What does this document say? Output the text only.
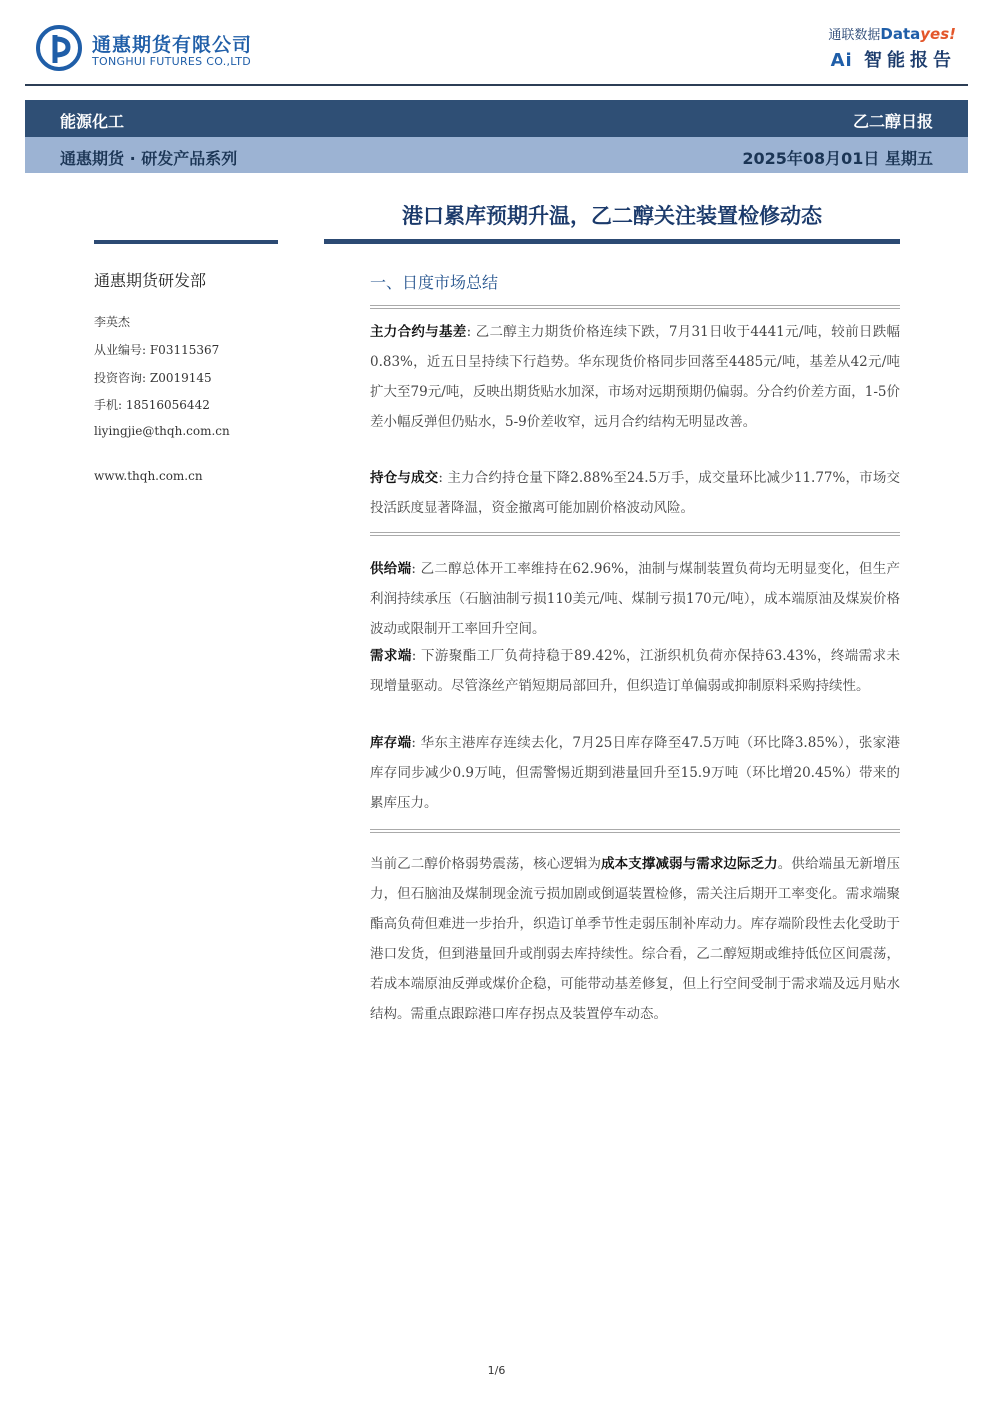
通惠期货有限公司
TONGHUI FUTURES CO.,LTD
通联数据Datayes!
Ai 智能报告
能源化工	乙二醇日报
通惠期货 · 研发产品系列	2025年08月01日 星期五
港口累库预期升温，乙二醇关注装置检修动态
通惠期货研发部
李英杰
从业编号: F03115367
投资咨询: Z0019145
手机: 18516056442
liyingjie@thqh.com.cn
www.thqh.com.cn
一、日度市场总结
主力合约与基差: 乙二醇主力期货价格连续下跌，7月31日收于4441元/吨，较前日跌幅0.83%，近五日呈持续下行趋势。华东现货价格同步回落至4485元/吨，基差从42元/吨扩大至79元/吨，反映出期货贴水加深，市场对远期预期仍偏弱。分合约价差方面，1-5价差小幅反弹但仍贴水，5-9价差收窄，远月合约结构无明显改善。
持仓与成交: 主力合约持仓量下降2.88%至24.5万手，成交量环比减少11.77%，市场交投活跃度显著降温，资金撤离可能加剧价格波动风险。
供给端: 乙二醇总体开工率维持在62.96%，油制与煤制装置负荷均无明显变化，但生产利润持续承压（石脑油制亏损110美元/吨、煤制亏损170元/吨），成本端原油及煤炭价格波动或限制开工率回升空间。
需求端: 下游聚酯工厂负荷持稳于89.42%，江浙织机负荷亦保持63.43%，终端需求未现增量驱动。尽管涤丝产销短期局部回升，但织造订单偏弱或抑制原料采购持续性。
库存端: 华东主港库存连续去化，7月25日库存降至47.5万吨（环比降3.85%），张家港库存同步减少0.9万吨，但需警惕近期到港量回升至15.9万吨（环比增20.45%）带来的累库压力。
当前乙二醇价格弱势震荡，核心逻辑为成本支撑减弱与需求边际乏力。供给端虽无新增压力，但石脑油及煤制现金流亏损加剧或倒逼装置检修，需关注后期开工率变化。需求端聚酯高负荷但难进一步抬升，织造订单季节性走弱压制补库动力。库存端阶段性去化受助于港口发货，但到港量回升或削弱去库持续性。综合看，乙二醇短期或维持低位区间震荡，若成本端原油反弹或煤价企稳，可能带动基差修复，但上行空间受制于需求端及远月贴水结构。需重点跟踪港口库存拐点及装置停车动态。
1/6
